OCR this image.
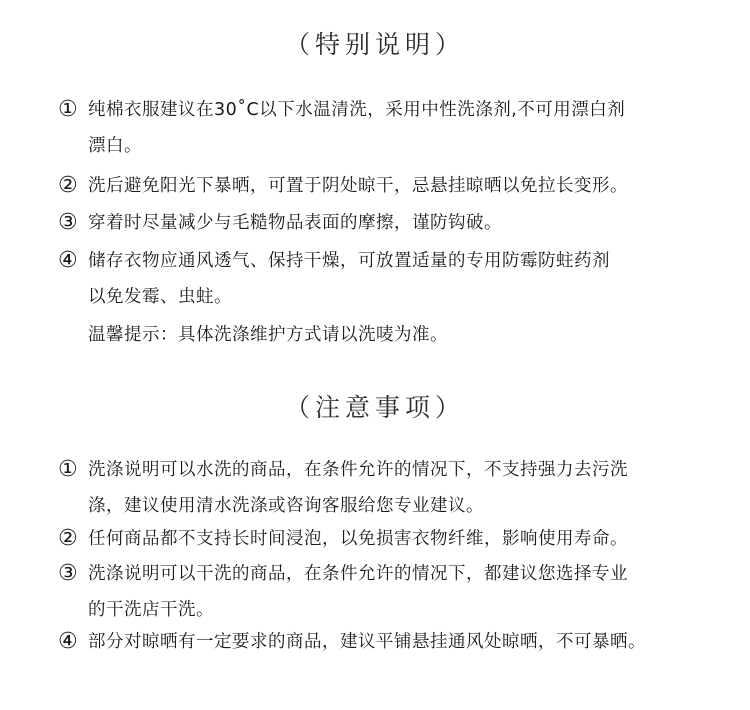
（特别说明）
① 纯棉衣服建议在30˚C以下水温清洗，采用中性洗涤剂,不可用漂白剂
漂白。
② 洗后避免阳光下暴晒，可置于阴处晾干，忌悬挂晾晒以免拉长变形。
③ 穿着时尽量减少与毛糙物品表面的摩擦，谨防钩破。
④ 储存衣物应通风透气、保持干燥，可放置适量的专用防霉防蛀药剂
以免发霉、虫蛀。
温馨提示：具体洗涤维护方式请以洗唛为准。
（注意事项）
① 洗涤说明可以水洗的商品，在条件允许的情况下，不支持强力去污洗
涤，建议使用清水洗涤或咨询客服给您专业建议。
② 任何商品都不支持长时间浸泡，以免损害衣物纤维，影响使用寿命。
③ 洗涤说明可以干洗的商品，在条件允许的情况下，都建议您选择专业
的干洗店干洗。
④ 部分对晾晒有一定要求的商品，建议平铺悬挂通风处晾晒，不可暴晒。
